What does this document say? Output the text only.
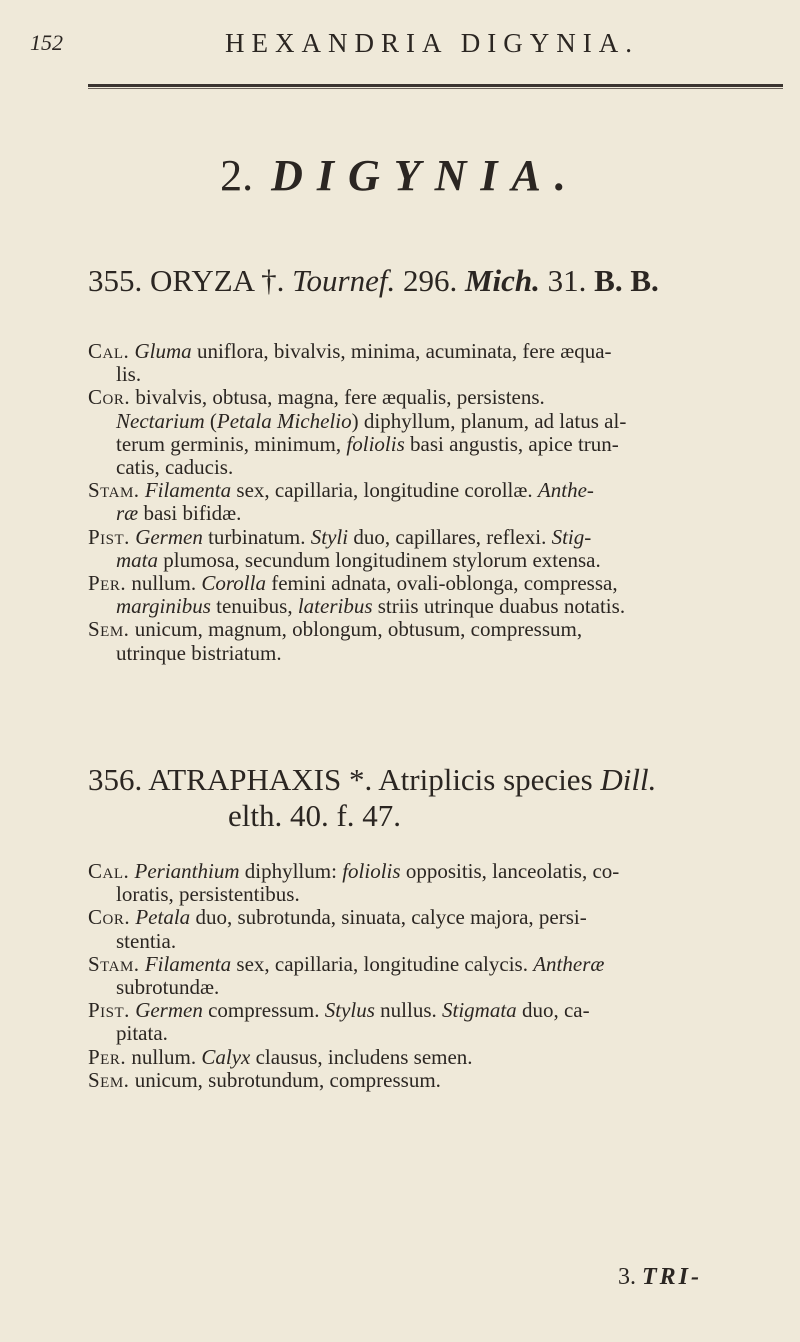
152	HEXANDRIA DIGYNIA.
2. DIGYNIA.
355. ORYZA †. Tournef. 296. Mich. 31. B. B.
Cal. Gluma uniflora, bivalvis, minima, acuminata, fere æqua-
lis.
Cor. bivalvis, obtusa, magna, fere æqualis, persistens.
Nectarium (Petala Michelio) diphyllum, planum, ad latus al-
terum germinis, minimum, foliolis basi angustis, apice trun-
catis, caducis.
Stam. Filamenta sex, capillaria, longitudine corollæ. Anthe-
ræ basi bifidæ.
Pist. Germen turbinatum. Styli duo, capillares, reflexi. Stig-
mata plumosa, secundum longitudinem stylorum extensa.
Per. nullum. Corolla femini adnata, ovali-oblonga, compressa,
marginibus tenuibus, lateribus striis utrinque duabus notatis.
Sem. unicum, magnum, oblongum, obtusum, compressum,
utrinque bistriatum.
356. ATRAPHAXIS *. Atriplicis species Dill.
elth. 40. f. 47.
Cal. Perianthium diphyllum: foliolis oppositis, lanceolatis, co-
loratis, persistentibus.
Cor. Petala duo, subrotunda, sinuata, calyce majora, persi-
stentia.
Stam. Filamenta sex, capillaria, longitudine calycis. Antheræ
subrotundæ.
Pist. Germen compressum. Stylus nullus. Stigmata duo, ca-
pitata.
Per. nullum. Calyx clausus, includens semen.
Sem. unicum, subrotundum, compressum.
3. TRI-
